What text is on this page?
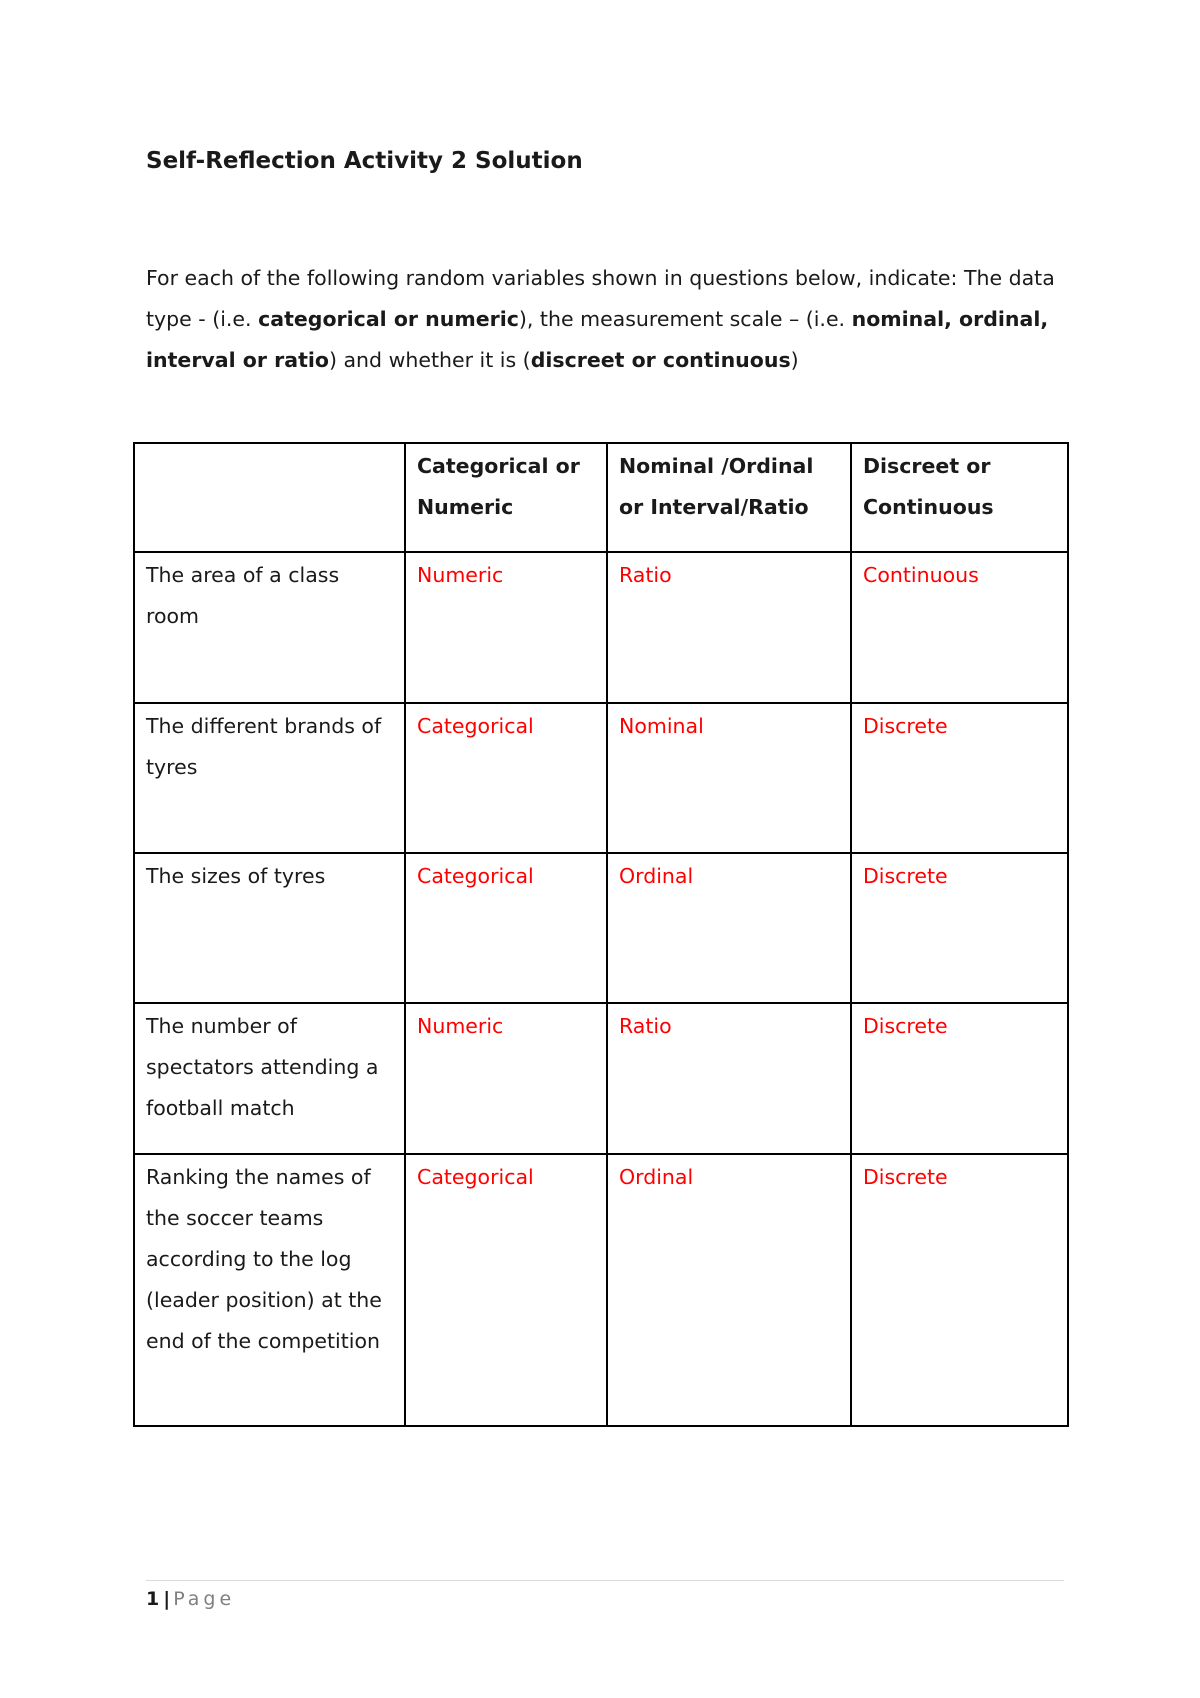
Self-Reflection Activity 2 Solution

For each of the following random variables shown in questions below, indicate: The data type - (i.e. categorical or numeric), the measurement scale – (i.e. nominal, ordinal, interval or ratio) and whether it is (discreet or continuous)

	Categorical or Numeric	Nominal /Ordinal or Interval/Ratio	Discreet or Continuous
The area of a class room	Numeric	Ratio	Continuous
The different brands of tyres	Categorical	Nominal	Discrete
The sizes of tyres	Categorical	Ordinal	Discrete
The number of spectators attending a football match	Numeric	Ratio	Discrete
Ranking the names of the soccer teams according to the log (leader position) at the end of the competition	Categorical	Ordinal	Discrete
1 | Page
